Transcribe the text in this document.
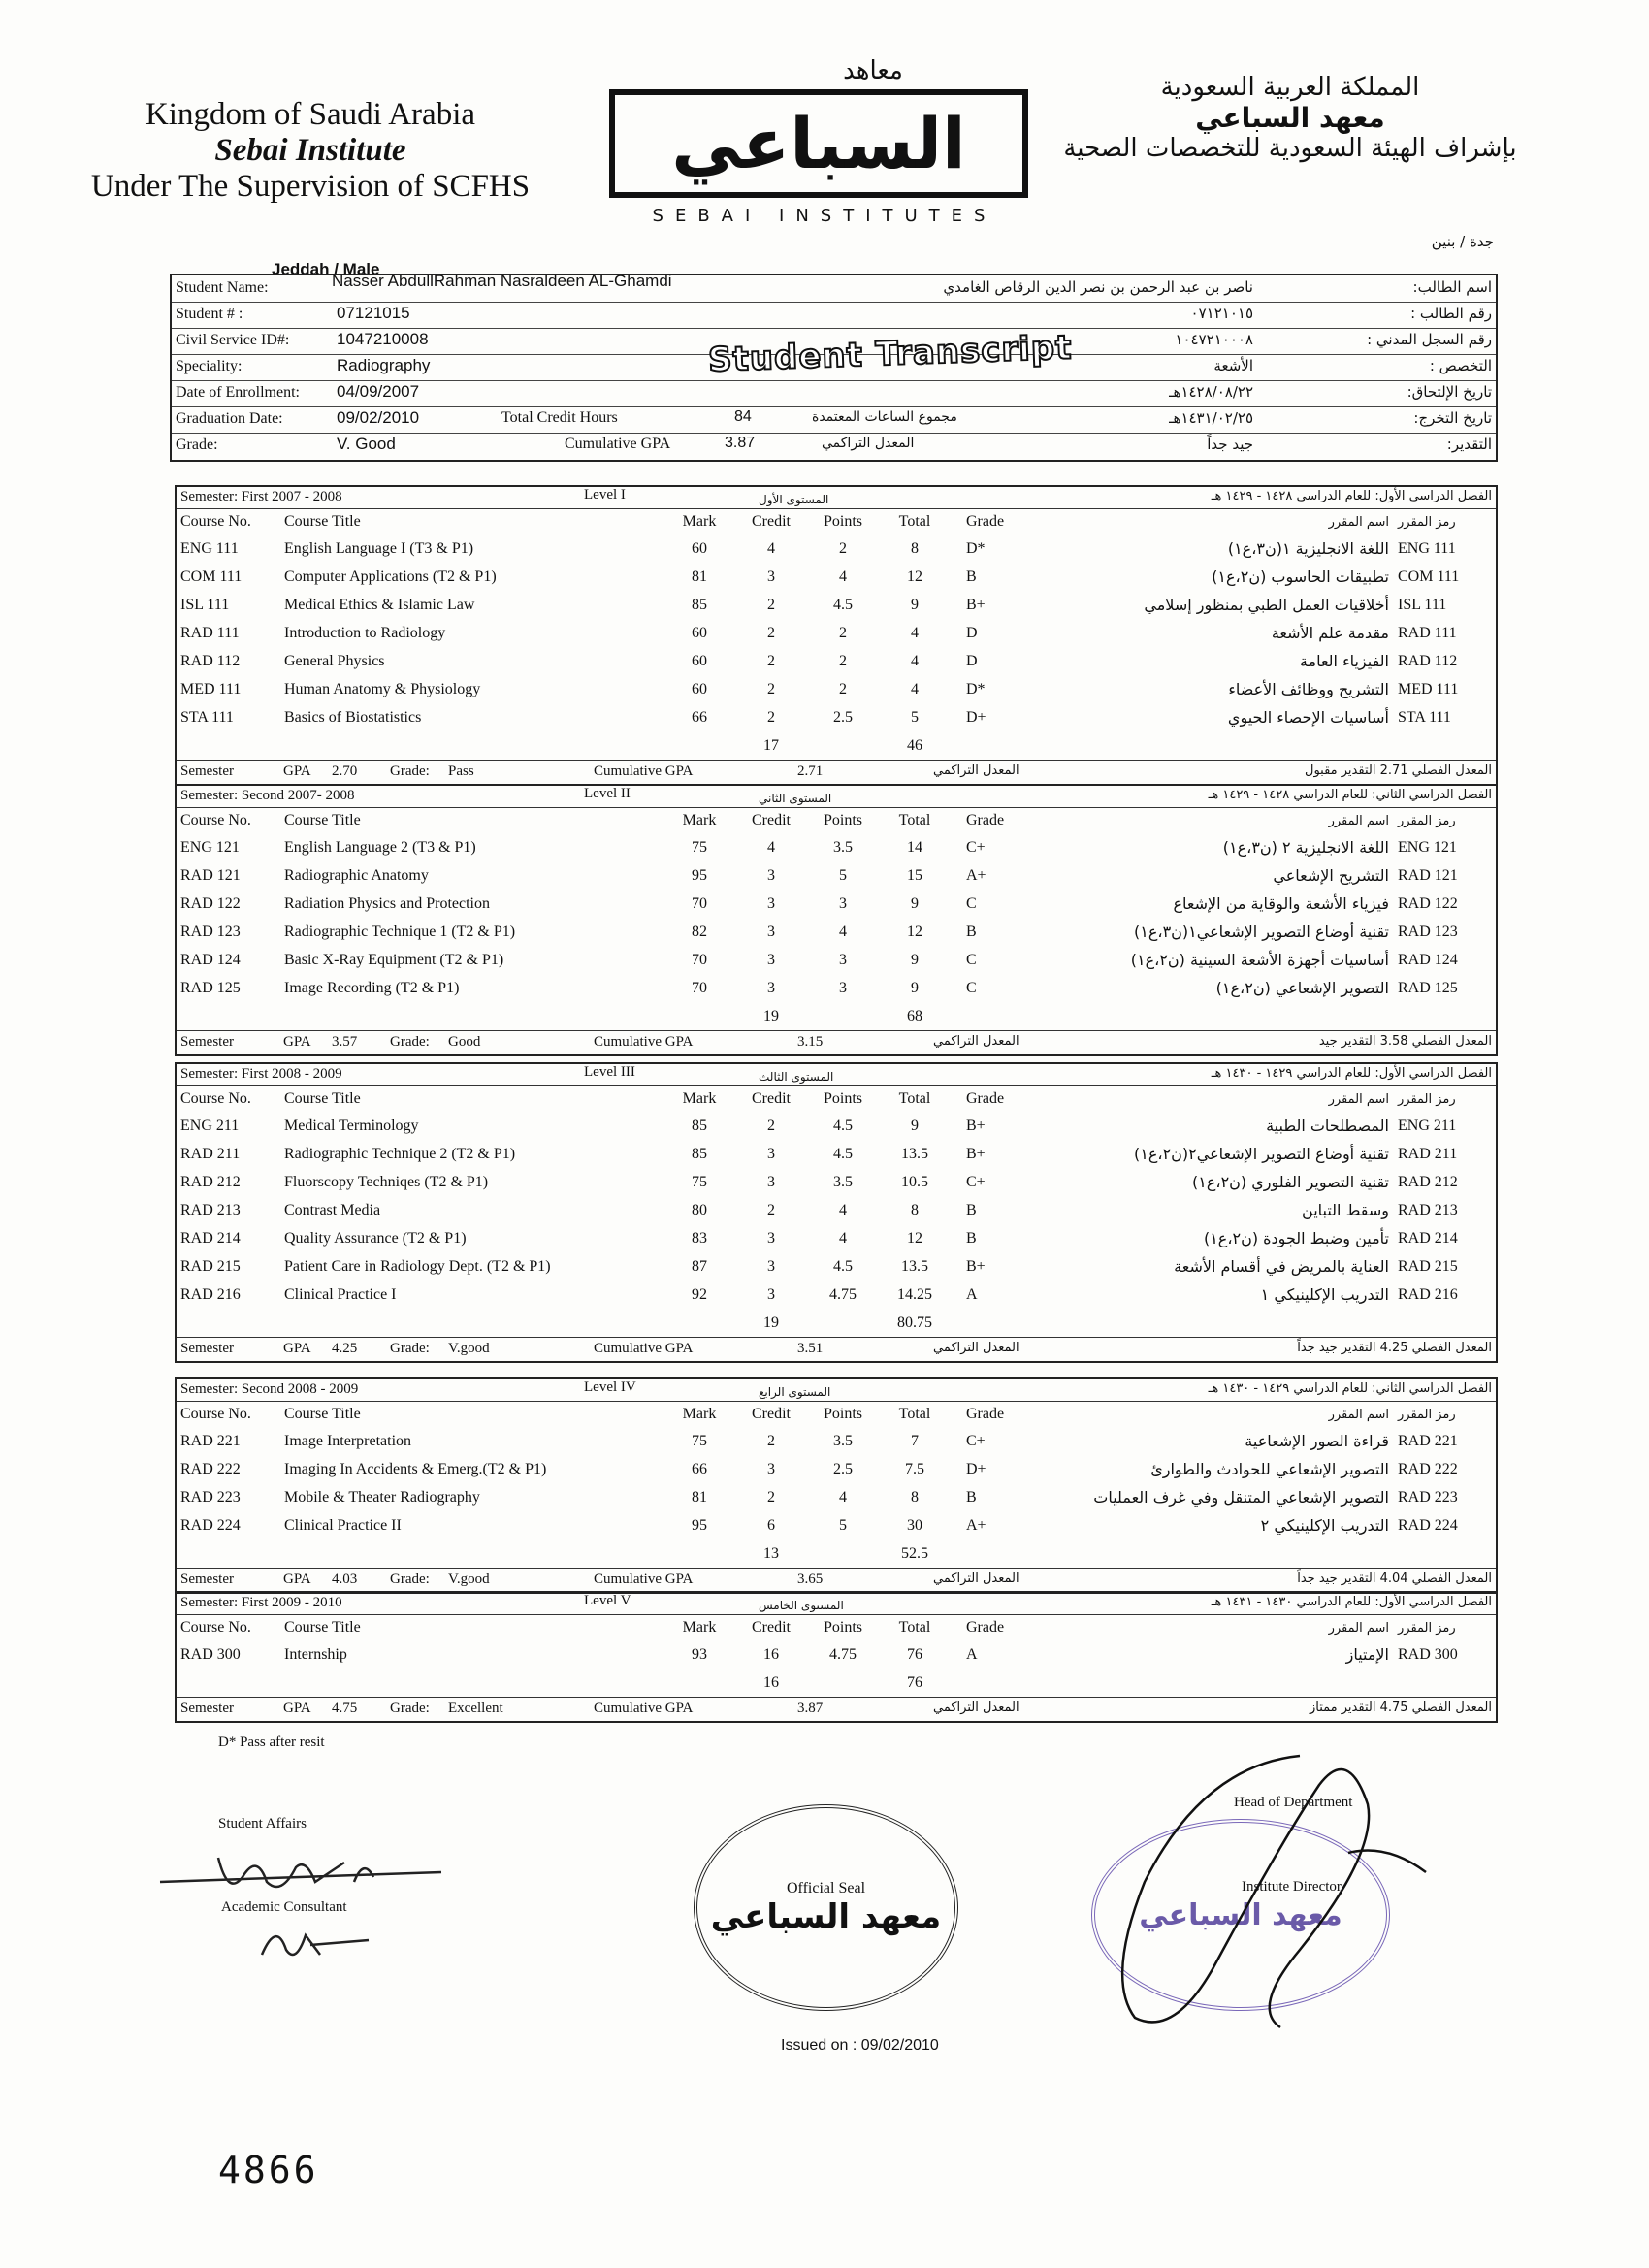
Kingdom of Saudi Arabia
Sebai Institute
Under The Supervision of SCFHS
معاهد
السباعي
SEBAI INSTITUTES
المملكة العربية السعودية
معهد السباعي
بإشراف الهيئة السعودية للتخصصات الصحية
جدة / بنين
Jeddah / Male
Student Name:	Nasser AbdullRahman Nasraldeen AL-Ghamdi	ناصر بن عبد الرحمن بن نصر الدين الرقاص الغامدي	اسم الطالب:
Student # :	07121015	٠٧١٢١٠١٥	رقم الطالب :
Civil Service ID#:	1047210008	١٠٤٧٢١٠٠٠٨	رقم السجل المدني :
Speciality:	Radiography	الأشعة	التخصص :
Date of Enrollment: 04/09/2007	١٤٢٨/٠٨/٢٢هـ	تاريخ الإلتحاق:
Graduation Date:	09/02/2010	Total Credit Hours	84	مجموع الساعات المعتمدة	١٤٣١/٠٢/٢٥هـ	تاريخ التخرج:
Grade:	V. Good	Cumulative GPA	3.87	المعدل التراكمي	جيد جداً	التقدير:
Student Transcript
Semester: First 2007 - 2008	Level I	المستوى الأول	الفصل الدراسي الأول: للعام الدراسي ١٤٢٨ - ١٤٢٩ هـ
Course No.	Course Title	Mark	Credit	Points	Total	Grade	اسم المقرر	رمز المقرر
ENG 111	English Language I (T3 & P1)	60	4	2	8	D*	اللغة الانجليزية ١(ن٣،ع١)	ENG 111
COM 111	Computer Applications (T2 & P1)	81	3	4	12	B	تطبيقات الحاسوب (ن٢،ع١)	COM 111
ISL 111	Medical Ethics & Islamic Law	85	2	4.5	9	B+	أخلاقيات العمل الطبي بمنظور إسلامي	ISL 111
RAD 111	Introduction to Radiology	60	2	2	4	D	مقدمة علم الأشعة	RAD 111
RAD 112	General Physics	60	2	2	4	D	الفيزياء العامة	RAD 112
MED 111	Human Anatomy & Physiology	60	2	2	4	D*	التشريح ووظائف الأعضاء	MED 111
STA 111	Basics of Biostatistics	66	2	2.5	5	D+	أساسيات الإحصاء الحيوي	STA 111
			17		46			
Semester	GPA 2.70 Grade: Pass	Cumulative GPA	2.71	المعدل التراكمي	المعدل الفصلي 2.71 التقدير مقبول
Semester: Second 2007- 2008	Level II	المستوى الثاني	الفصل الدراسي الثاني: للعام الدراسي ١٤٢٨ - ١٤٢٩ هـ
Course No.	Course Title	Mark	Credit	Points	Total	Grade	اسم المقرر	رمز المقرر
ENG 121	English Language 2 (T3 & P1)	75	4	3.5	14	C+	اللغة الانجليزية ٢ (ن٣،ع١)	ENG 121
RAD 121	Radiographic Anatomy	95	3	5	15	A+	التشريح الإشعاعي	RAD 121
RAD 122	Radiation Physics and Protection	70	3	3	9	C	فيزياء الأشعة والوقاية من الإشعاع	RAD 122
RAD 123	Radiographic Technique 1 (T2 & P1)	82	3	4	12	B	تقنية أوضاع التصوير الإشعاعي١(ن٣،ع١)	RAD 123
RAD 124	Basic X-Ray Equipment (T2 & P1)	70	3	3	9	C	أساسيات أجهزة الأشعة السينية (ن٢،ع١)	RAD 124
RAD 125	Image Recording (T2 & P1)	70	3	3	9	C	التصوير الإشعاعي (ن٢،ع١)	RAD 125
			19		68			
Semester	GPA 3.57 Grade: Good	Cumulative GPA	3.15	المعدل التراكمي	المعدل الفصلي 3.58 التقدير جيد
Semester: First 2008 - 2009	Level III	المستوى الثالث	الفصل الدراسي الأول: للعام الدراسي ١٤٢٩ - ١٤٣٠ هـ
Course No.	Course Title	Mark	Credit	Points	Total	Grade	اسم المقرر	رمز المقرر
ENG 211	Medical Terminology	85	2	4.5	9	B+	المصطلحات الطبية	ENG 211
RAD 211	Radiographic Technique 2 (T2 & P1)	85	3	4.5	13.5	B+	تقنية أوضاع التصوير الإشعاعي٢(ن٢،ع١)	RAD 211
RAD 212	Fluorscopy Techniqes (T2 & P1)	75	3	3.5	10.5	C+	تقنية التصوير الفلوري (ن٢،ع١)	RAD 212
RAD 213	Contrast Media	80	2	4	8	B	وسقط التباين	RAD 213
RAD 214	Quality Assurance (T2 & P1)	83	3	4	12	B	تأمين وضبط الجودة (ن٢،ع١)	RAD 214
RAD 215	Patient Care in Radiology Dept. (T2 & P1)	87	3	4.5	13.5	B+	العناية بالمريض في أقسام الأشعة	RAD 215
RAD 216	Clinical Practice I	92	3	4.75	14.25	A	التدريب الإكلينيكي ١	RAD 216
			19		80.75			
Semester	GPA 4.25 Grade: V.good	Cumulative GPA	3.51	المعدل التراكمي	المعدل الفصلي 4.25 التقدير جيد جداً
Semester: Second 2008 - 2009	Level IV	المستوى الرابع	الفصل الدراسي الثاني: للعام الدراسي ١٤٢٩ - ١٤٣٠ هـ
Course No.	Course Title	Mark	Credit	Points	Total	Grade	اسم المقرر	رمز المقرر
RAD 221	Image Interpretation	75	2	3.5	7	C+	قراءة الصور الإشعاعية	RAD 221
RAD 222	Imaging In Accidents & Emerg.(T2 & P1)	66	3	2.5	7.5	D+	التصوير الإشعاعي للحوادث والطوارئ	RAD 222
RAD 223	Mobile & Theater Radiography	81	2	4	8	B	التصوير الإشعاعي المتنقل وفي غرف العمليات	RAD 223
RAD 224	Clinical Practice II	95	6	5	30	A+	التدريب الإكلينيكي ٢	RAD 224
			13		52.5			
Semester	GPA 4.03 Grade: V.good	Cumulative GPA	3.65	المعدل التراكمي	المعدل الفصلي 4.04 التقدير جيد جداً
Semester: First 2009 - 2010	Level V	المستوى الخامس	الفصل الدراسي الأول: للعام الدراسي ١٤٣٠ - ١٤٣١ هـ
Course No.	Course Title	Mark	Credit	Points	Total	Grade	اسم المقرر	رمز المقرر
RAD 300	Internship	93	16	4.75	76	A	الإمتياز	RAD 300
			16		76			
Semester	GPA 4.75 Grade: Excellent	Cumulative GPA	3.87	المعدل التراكمي	المعدل الفصلي 4.75 التقدير ممتاز
D* Pass after resit
Student Affairs
Academic Consultant
Official Seal
معهد السباعي	معهد السباعي
Head of Department
Institute Director
Issued on : 09/02/2010
4866
